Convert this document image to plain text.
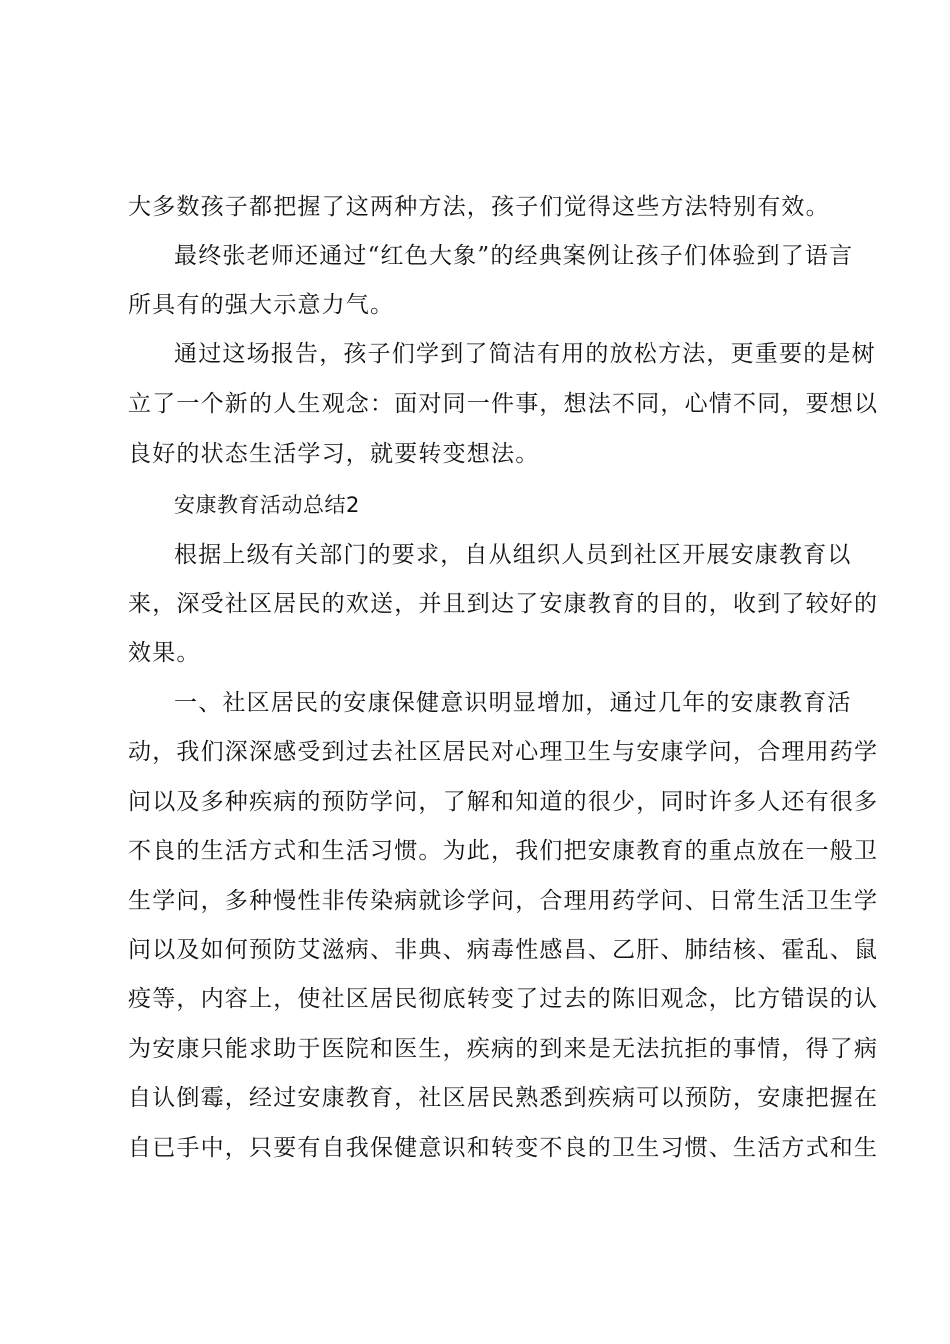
大多数孩子都把握了这两种方法，孩子们觉得这些方法特别有效。
最终张老师还通过“红色大象”的经典案例让孩子们体验到了语言
所具有的强大示意力气。
通过这场报告，孩子们学到了简洁有用的放松方法，更重要的是树
立了一个新的人生观念：面对同一件事，想法不同，心情不同，要想以
良好的状态生活学习，就要转变想法。
安康教育活动总结2
根据上级有关部门的要求，自从组织人员到社区开展安康教育以
来，深受社区居民的欢送，并且到达了安康教育的目的，收到了较好的
效果。
一、社区居民的安康保健意识明显增加，通过几年的安康教育活
动，我们深深感受到过去社区居民对心理卫生与安康学问，合理用药学
问以及多种疾病的预防学问，了解和知道的很少，同时许多人还有很多
不良的生活方式和生活习惯。为此，我们把安康教育的重点放在一般卫
生学问，多种慢性非传染病就诊学问，合理用药学问、日常生活卫生学
问以及如何预防艾滋病、非典、病毒性感昌、乙肝、肺结核、霍乱、鼠
疫等，内容上，使社区居民彻底转变了过去的陈旧观念，比方错误的认
为安康只能求助于医院和医生，疾病的到来是无法抗拒的事情，得了病
自认倒霉，经过安康教育，社区居民熟悉到疾病可以预防，安康把握在
自已手中，只要有自我保健意识和转变不良的卫生习惯、生活方式和生
